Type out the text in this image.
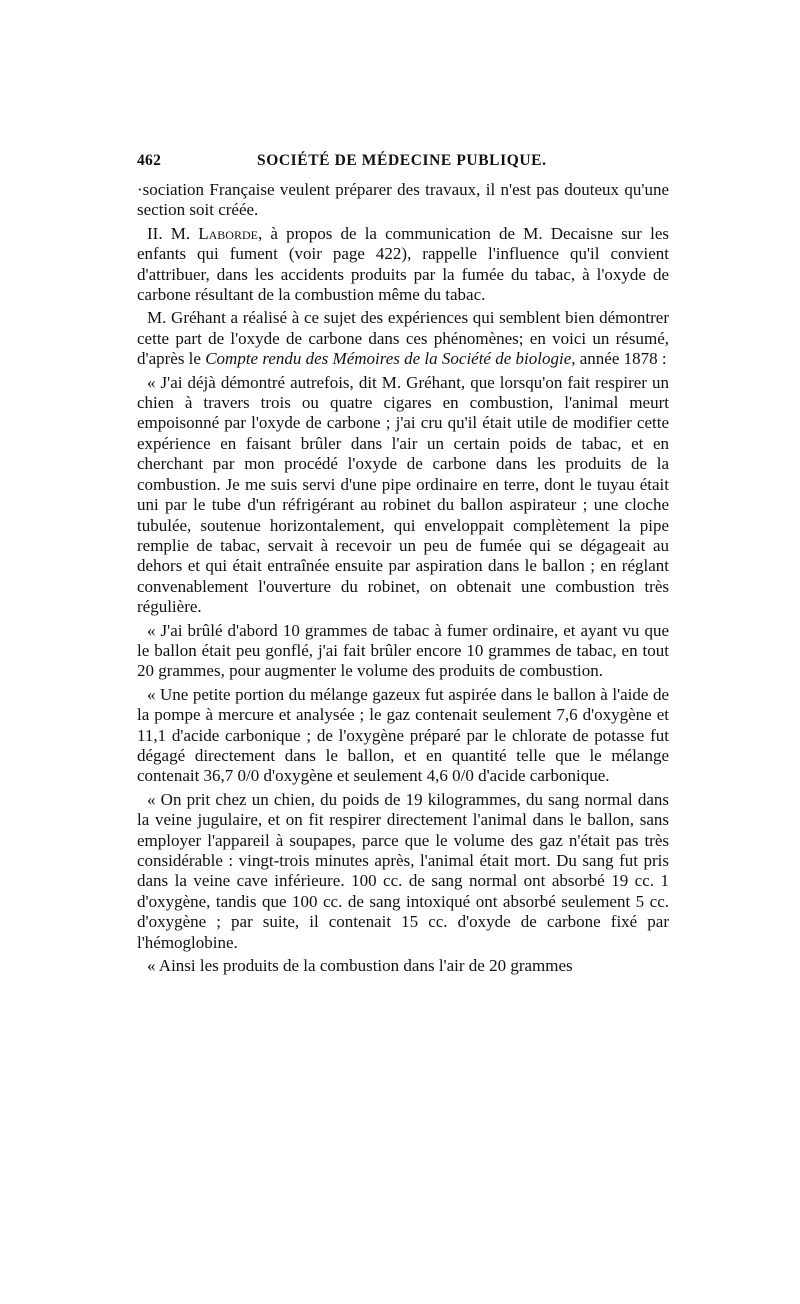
462	SOCIÉTÉ DE MÉDECINE PUBLIQUE.

·sociation Française veulent préparer des travaux, il n'est pas douteux qu'une section soit créée.

II. M. Laborde, à propos de la communication de M. Decaisne sur les enfants qui fument (voir page 422), rappelle l'influence qu'il convient d'attribuer, dans les accidents produits par la fumée du tabac, à l'oxyde de carbone résultant de la combustion même du tabac.

M. Gréhant a réalisé à ce sujet des expériences qui semblent bien démontrer cette part de l'oxyde de carbone dans ces phénomènes; en voici un résumé, d'après le Compte rendu des Mémoires de la Société de biologie, année 1878 :

« J'ai déjà démontré autrefois, dit M. Gréhant, que lorsqu'on fait respirer un chien à travers trois ou quatre cigares en combustion, l'animal meurt empoisonné par l'oxyde de carbone ; j'ai cru qu'il était utile de modifier cette expérience en faisant brûler dans l'air un certain poids de tabac, et en cherchant par mon procédé l'oxyde de carbone dans les produits de la combustion. Je me suis servi d'une pipe ordinaire en terre, dont le tuyau était uni par le tube d'un réfrigérant au robinet du ballon aspirateur ; une cloche tubulée, soutenue horizontalement, qui enveloppait complètement la pipe remplie de tabac, servait à recevoir un peu de fumée qui se dégageait au dehors et qui était entraînée ensuite par aspiration dans le ballon ; en réglant convenablement l'ouverture du robinet, on obtenait une combustion très régulière.

« J'ai brûlé d'abord 10 grammes de tabac à fumer ordinaire, et ayant vu que le ballon était peu gonflé, j'ai fait brûler encore 10 grammes de tabac, en tout 20 grammes, pour augmenter le volume des produits de combustion.

« Une petite portion du mélange gazeux fut aspirée dans le ballon à l'aide de la pompe à mercure et analysée ; le gaz contenait seulement 7,6 d'oxygène et 11,1 d'acide carbonique ; de l'oxygène préparé par le chlorate de potasse fut dégagé directement dans le ballon, et en quantité telle que le mélange contenait 36,7 0/0 d'oxygène et seulement 4,6 0/0 d'acide carbonique.

« On prit chez un chien, du poids de 19 kilogrammes, du sang normal dans la veine jugulaire, et on fit respirer directement l'animal dans le ballon, sans employer l'appareil à soupapes, parce que le volume des gaz n'était pas très considérable : vingt-trois minutes après, l'animal était mort. Du sang fut pris dans la veine cave inférieure. 100 cc. de sang normal ont absorbé 19 cc. 1 d'oxygène, tandis que 100 cc. de sang intoxiqué ont absorbé seulement 5 cc. d'oxygène ; par suite, il contenait 15 cc. d'oxyde de carbone fixé par l'hémoglobine.

« Ainsi les produits de la combustion dans l'air de 20 grammes
